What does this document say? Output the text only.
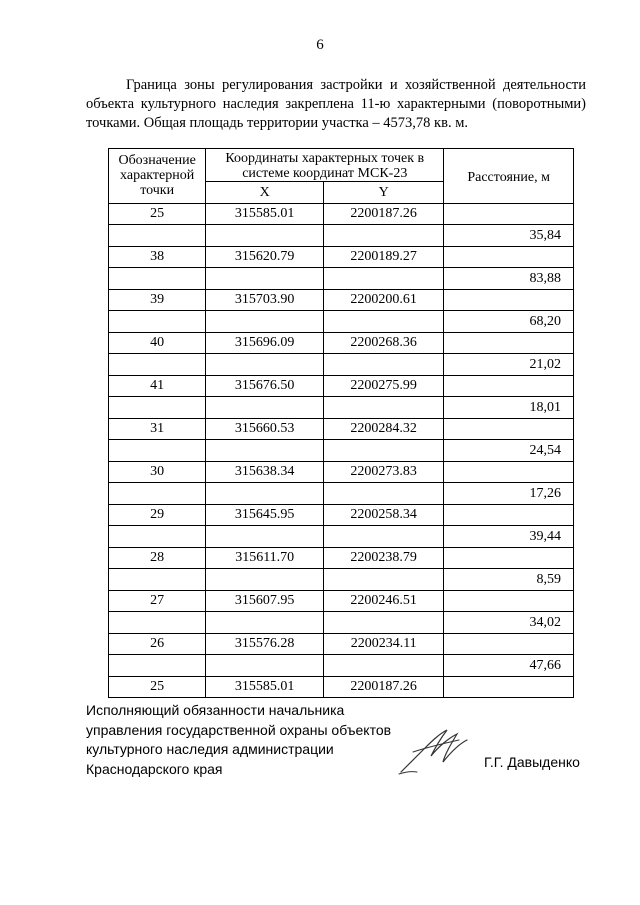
6

Граница зоны регулирования застройки и хозяйственной деятельности объекта культурного наследия закреплена 11-ю характерными (поворотными) точками. Общая площадь территории участка – 4573,78 кв. м.

Обозначение характерной точки	Координаты характерных точек в системе координат МСК-23		Расстояние, м
	X	Y	
25	315585.01	2200187.26	
			35,84
38	315620.79	2200189.27	
			83,88
39	315703.90	2200200.61	
			68,20
40	315696.09	2200268.36	
			21,02
41	315676.50	2200275.99	
			18,01
31	315660.53	2200284.32	
			24,54
30	315638.34	2200273.83	
			17,26
29	315645.95	2200258.34	
			39,44
28	315611.70	2200238.79	
			8,59
27	315607.95	2200246.51	
			34,02
26	315576.28	2200234.11	
			47,66
25	315585.01	2200187.26	
Исполняющий обязанности начальника
управления государственной охраны объектов
культурного наследия администрации
Краснодарского края	Г.Г. Давыденко
